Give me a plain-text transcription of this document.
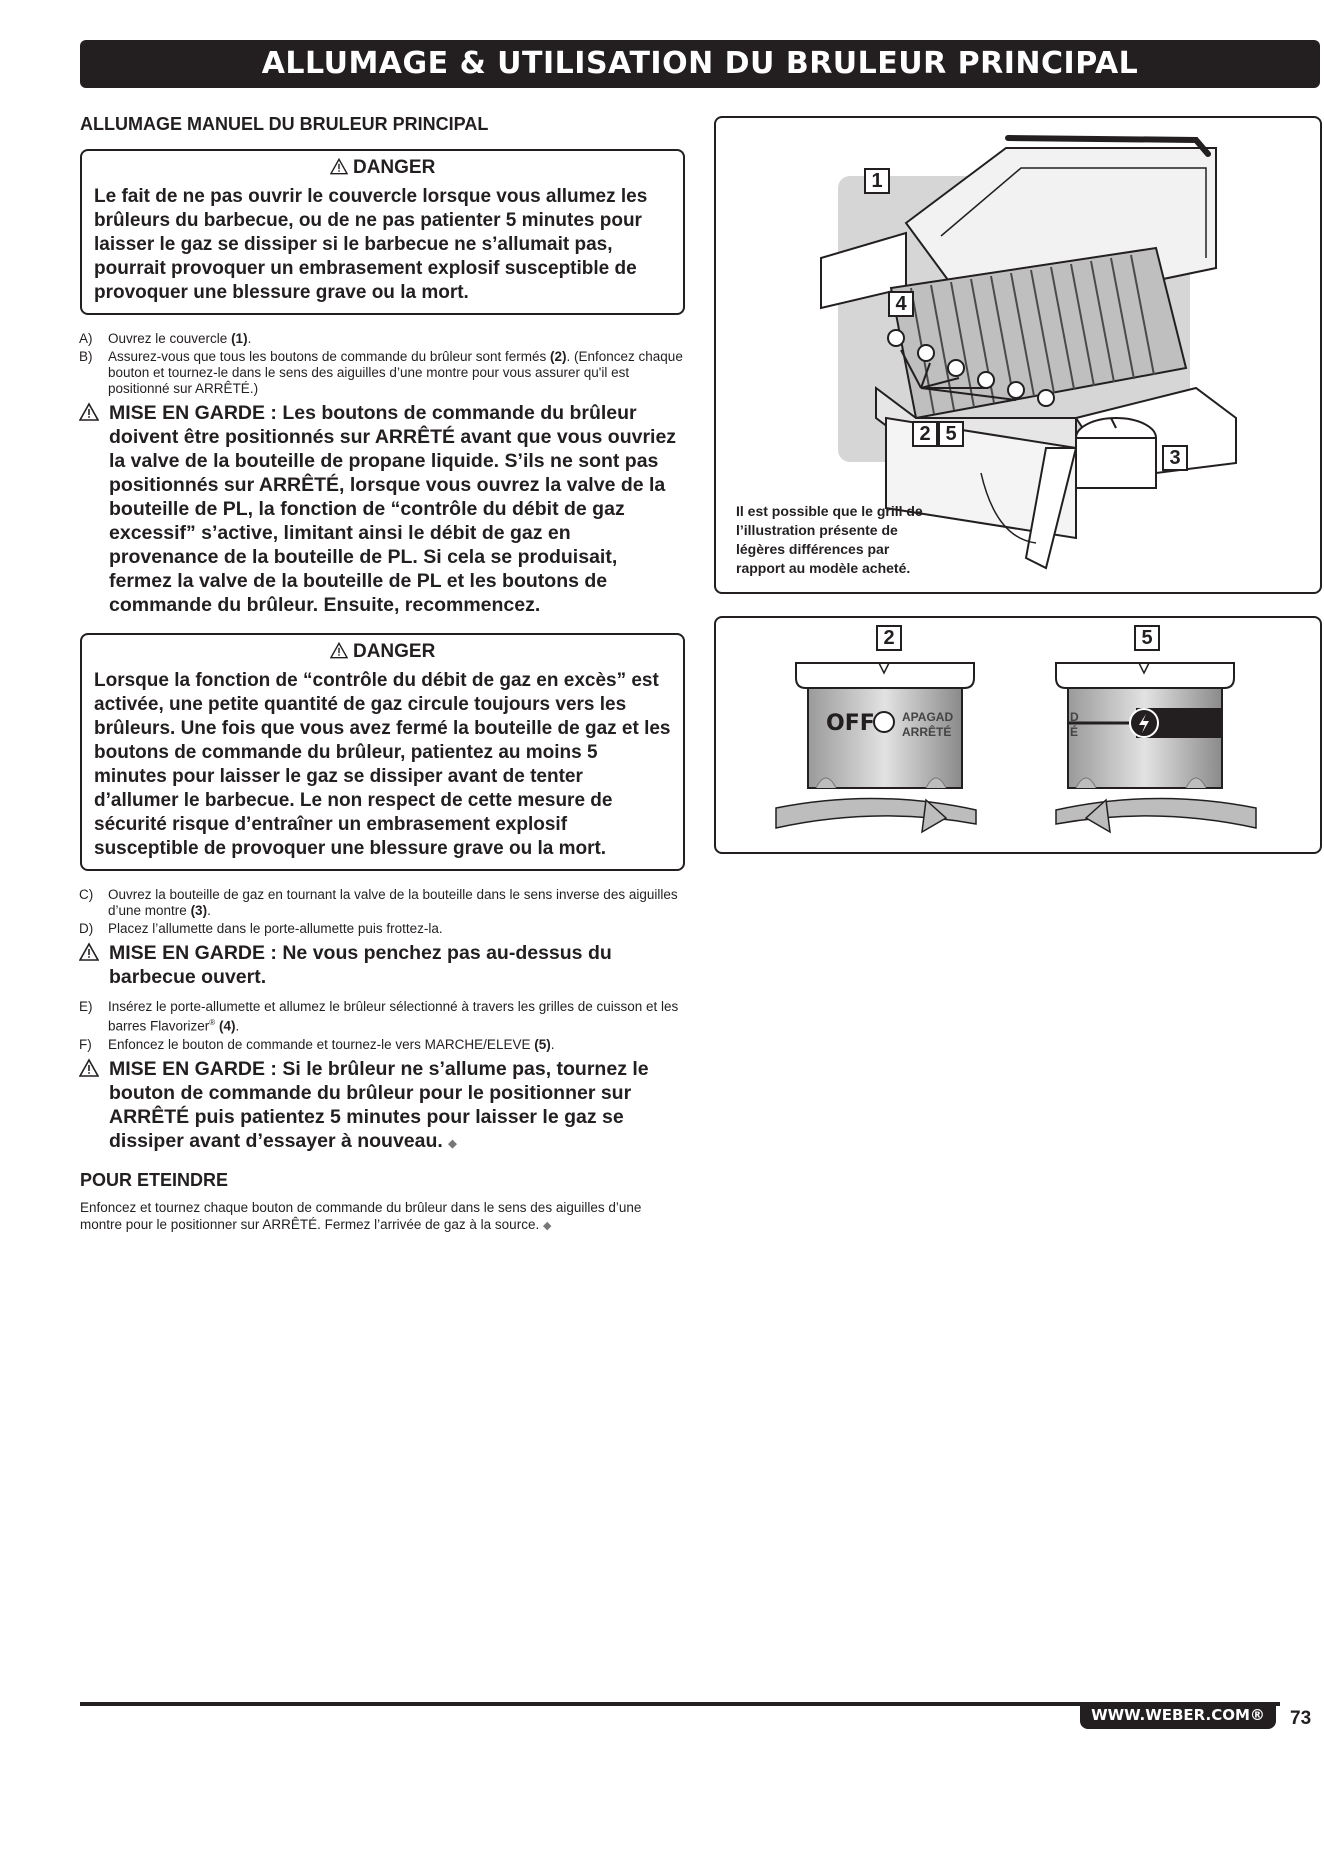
ALLUMAGE & UTILISATION DU BRULEUR PRINCIPAL
ALLUMAGE MANUEL DU BRULEUR PRINCIPAL
DANGER
Le fait de ne pas ouvrir le couvercle lorsque vous allumez les brûleurs du barbecue, ou de ne pas patienter 5 minutes pour laisser le gaz se dissiper si le barbecue ne s’allumait pas, pourrait provoquer un embrasement explosif susceptible de provoquer une blessure grave ou la mort.
A) Ouvrez le couvercle (1).
B) Assurez-vous que tous les boutons de commande du brûleur sont fermés (2). (Enfoncez chaque bouton et tournez-le dans le sens des aiguilles d’une montre pour vous assurer qu'il est positionné sur ARRÊTÉ.)
MISE EN GARDE : Les boutons de commande du brûleur doivent être positionnés sur ARRÊTÉ avant que vous ouvriez la valve de la bouteille de propane liquide. S’ils ne sont pas positionnés sur ARRÊTÉ, lorsque vous ouvrez la valve de la bouteille de PL, la fonction de “contrôle du débit de gaz excessif” s’active, limitant ainsi le débit de gaz en provenance de la bouteille de PL. Si cela se produisait, fermez la valve de la bouteille de PL et les boutons de commande du brûleur. Ensuite, recommencez.
DANGER
Lorsque la fonction de “contrôle du débit de gaz en excès” est activée, une petite quantité de gaz circule toujours vers les brûleurs. Une fois que vous avez fermé la bouteille de gaz et les boutons de commande du brûleur, patientez au moins 5 minutes pour laisser le gaz se dissiper avant de tenter d’allumer le barbecue. Le non respect de cette mesure de sécurité risque d’entraîner un embrasement explosif susceptible de provoquer une blessure grave ou la mort.
C) Ouvrez la bouteille de gaz en tournant la valve de la bouteille dans le sens inverse des aiguilles d’une montre (3).
D) Placez l’allumette dans le porte-allumette puis frottez-la.
MISE EN GARDE : Ne vous penchez pas au-dessus du barbecue ouvert.
E) Insérez le porte-allumette et allumez le brûleur sélectionné à travers les grilles de cuisson et les barres Flavorizer® (4).
F) Enfoncez le bouton de commande et tournez-le vers MARCHE/ELEVE (5).
MISE EN GARDE : Si le brûleur ne s’allume pas, tournez le bouton de commande du brûleur pour le positionner sur ARRÊTÉ puis patientez 5 minutes pour laisser le gaz se dissiper avant d’essayer à nouveau. ◆
POUR ETEINDRE
Enfoncez et tournez chaque bouton de commande du brûleur dans le sens des aiguilles d’une montre pour le positionner sur ARRÊTÉ. Fermez l’arrivée de gaz à la source. ◆
1
4
2 5
3
Il est possible que le grill de l’illustration présente de légères différences par rapport au modèle acheté.
2	5
OFF APAGAD
ARRÊTÉ
D
É
WWW.WEBER.COM®	73
